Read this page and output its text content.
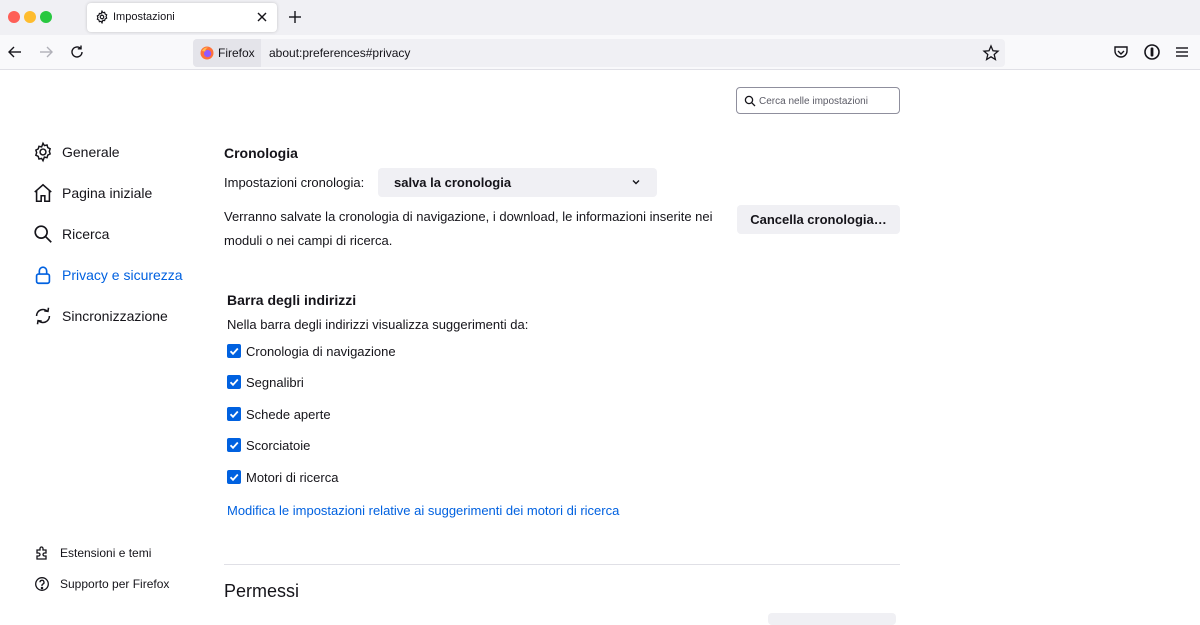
Impostazioni
Firefox about:preferences#privacy
Cerca nelle impostazioni
Generale
Pagina iniziale
Ricerca
Privacy e sicurezza
Sincronizzazione
Estensioni e temi
Supporto per Firefox
Cronologia
Impostazioni cronologia: salva la cronologia
Verranno salvate la cronologia di navigazione, i download, le informazioni inserite nei moduli o nei campi di ricerca.
Cancella cronologia…
Barra degli indirizzi
Nella barra degli indirizzi visualizza suggerimenti da:
Cronologia di navigazione
Segnalibri
Schede aperte
Scorciatoie
Motori di ricerca
Modifica le impostazioni relative ai suggerimenti dei motori di ricerca
Permessi
